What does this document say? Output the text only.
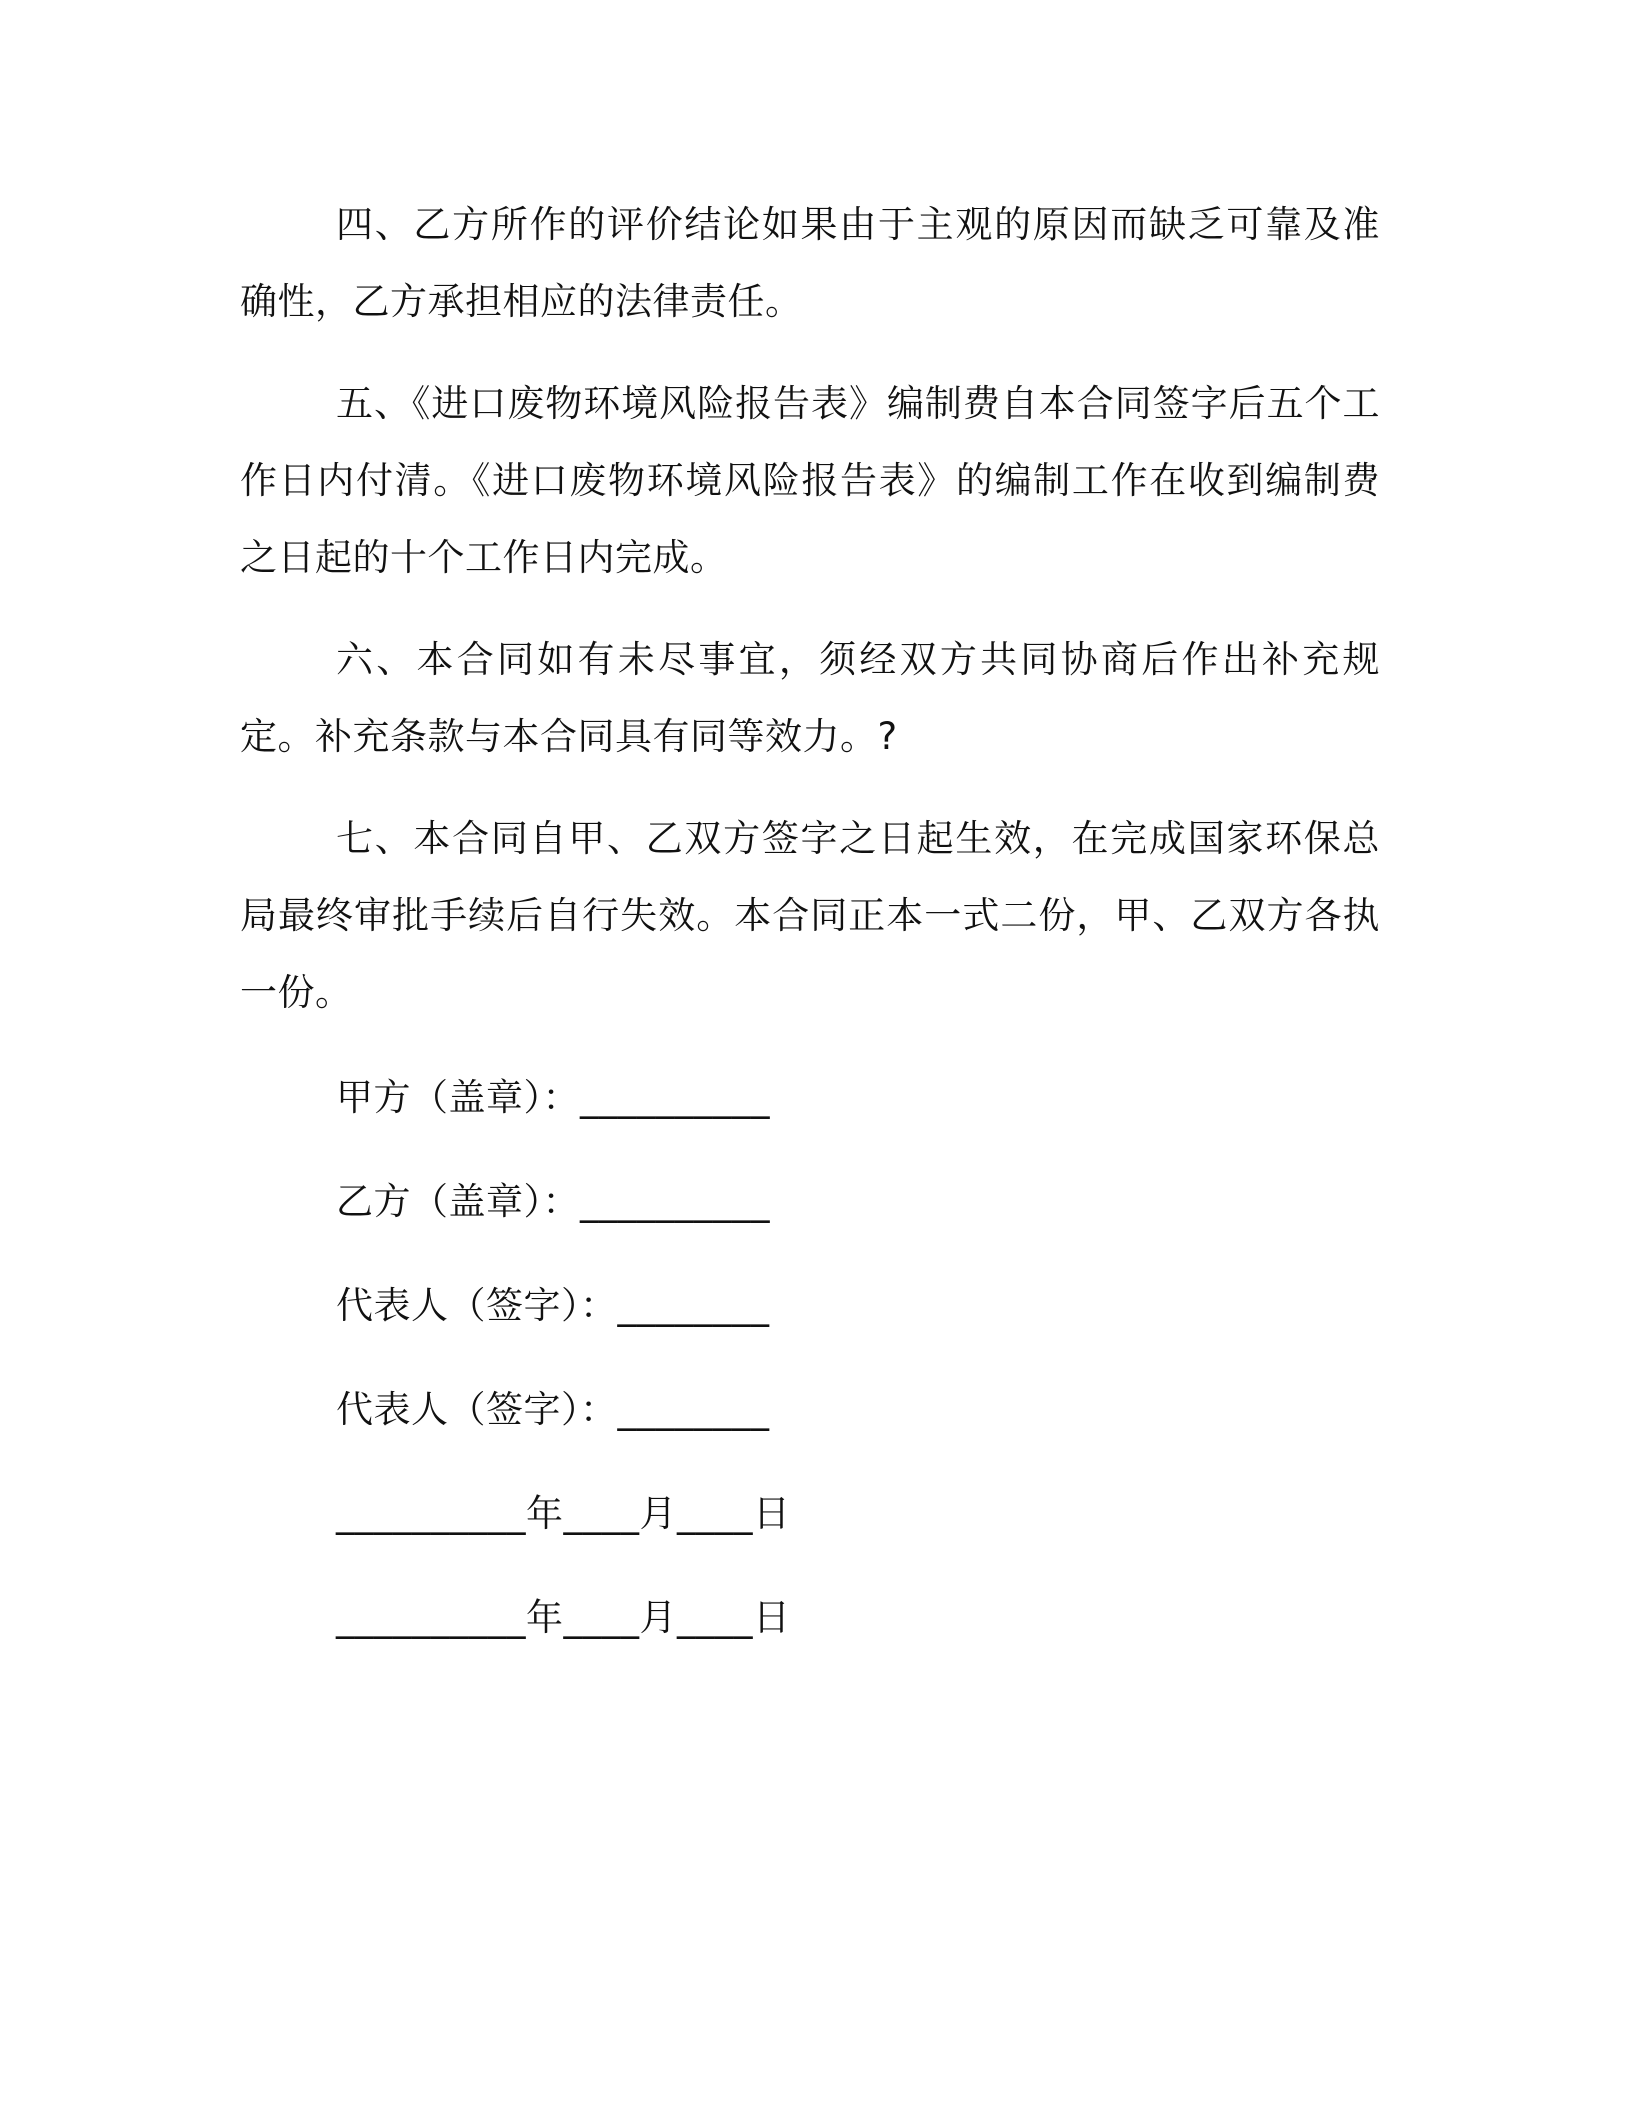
四、乙方所作的评价结论如果由于主观的原因而缺乏可靠及准确性，乙方承担相应的法律责任。

五、《进口废物环境风险报告表》编制费自本合同签字后五个工作日内付清。《进口废物环境风险报告表》的编制工作在收到编制费之日起的十个工作日内完成。

六、本合同如有未尽事宜，须经双方共同协商后作出补充规定。补充条款与本合同具有同等效力。?

七、本合同自甲、乙双方签字之日起生效，在完成国家环保总局最终审批手续后自行失效。本合同正本一式二份，甲、乙双方各执一份。

甲方（盖章）：__________
乙方（盖章）：__________
代表人（签字）：________
代表人（签字）：________
__________年____月____日
__________年____月____日
